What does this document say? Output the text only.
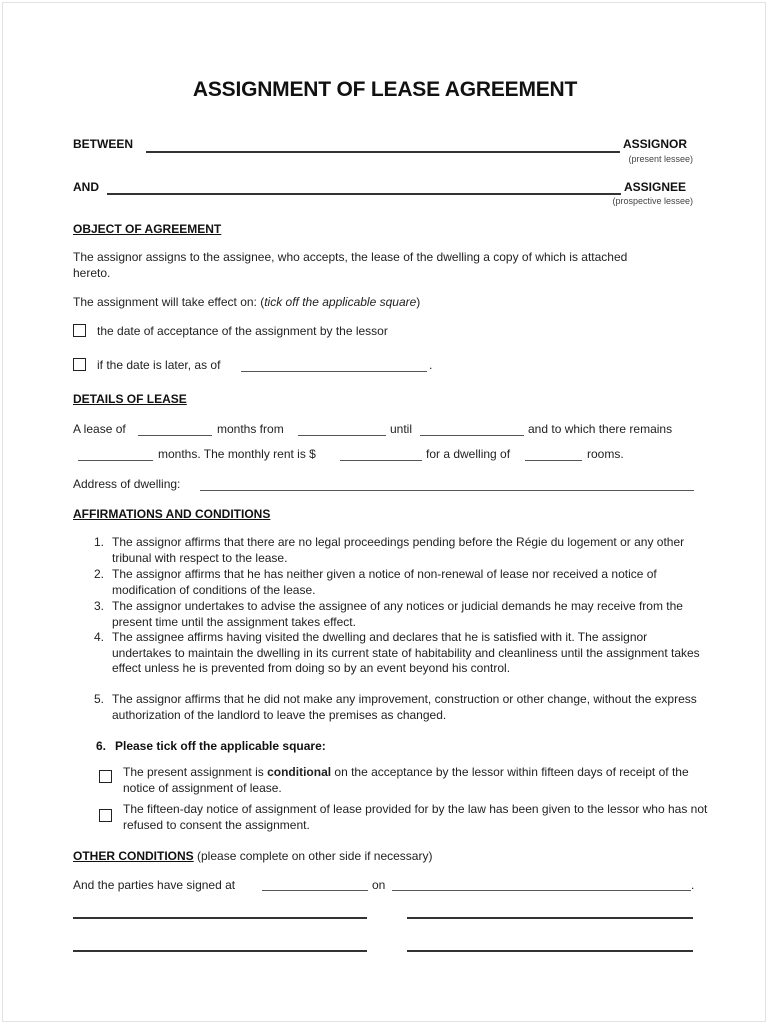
ASSIGNMENT OF LEASE AGREEMENT
BETWEEN	ASSIGNOR
(present lessee)
AND	ASSIGNEE
(prospective lessee)
OBJECT OF AGREEMENT
The assignor assigns to the assignee, who accepts, the lease of the dwelling a copy of which is attached hereto.
The assignment will take effect on: (tick off the applicable square)
the date of acceptance of the assignment by the lessor
if the date is later, as of	.
DETAILS OF LEASE
A lease of	months from	until	and to which there remains
months. The monthly rent is $	for a dwelling of	rooms.
Address of dwelling:
AFFIRMATIONS AND CONDITIONS
1. The assignor affirms that there are no legal proceedings pending before the Régie du logement or any other tribunal with respect to the lease.
2. The assignor affirms that he has neither given a notice of non-renewal of lease nor received a notice of modification of conditions of the lease.
3. The assignor undertakes to advise the assignee of any notices or judicial demands he may receive from the present time until the assignment takes effect.
4. The assignee affirms having visited the dwelling and declares that he is satisfied with it. The assignor undertakes to maintain the dwelling in its current state of habitability and cleanliness until the assignment takes effect unless he is prevented from doing so by an event beyond his control.
5. The assignor affirms that he did not make any improvement, construction or other change, without the express authorization of the landlord to leave the premises as changed.
6. Please tick off the applicable square:
The present assignment is conditional on the acceptance by the lessor within fifteen days of receipt of the notice of assignment of lease.
The fifteen-day notice of assignment of lease provided for by the law has been given to the lessor who has not refused to consent the assignment.
OTHER CONDITIONS (please complete on other side if necessary)
And the parties have signed at	on	.
